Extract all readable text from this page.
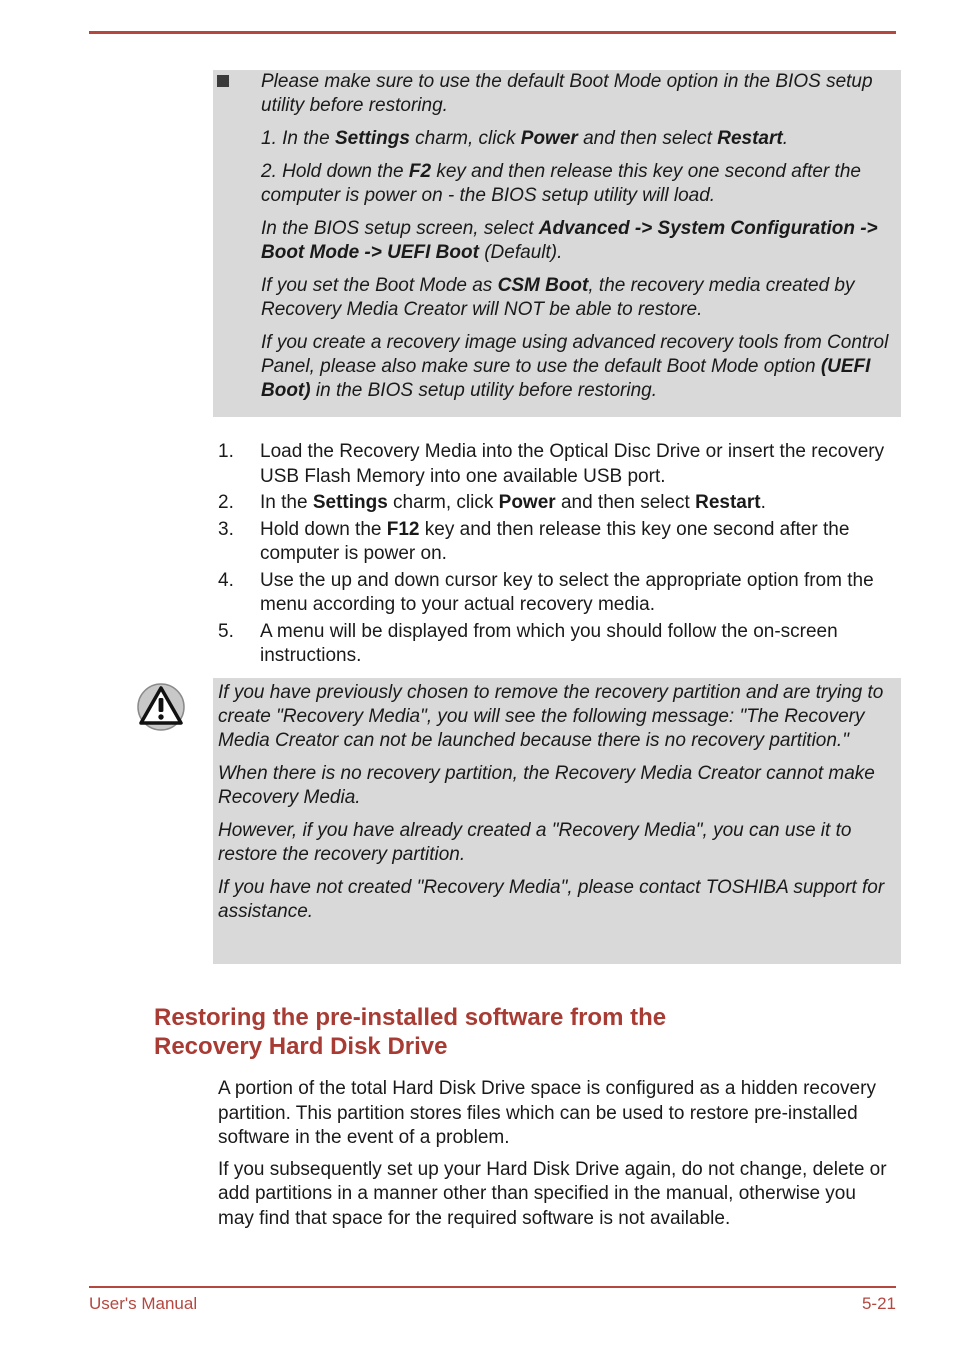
Please make sure to use the default Boot Mode option in the BIOS setup utility before restoring.

1. In the Settings charm, click Power and then select Restart.

2. Hold down the F2 key and then release this key one second after the computer is power on - the BIOS setup utility will load.

In the BIOS setup screen, select Advanced -> System Configuration -> Boot Mode -> UEFI Boot (Default).

If you set the Boot Mode as CSM Boot, the recovery media created by Recovery Media Creator will NOT be able to restore.

If you create a recovery image using advanced recovery tools from Control Panel, please also make sure to use the default Boot Mode option (UEFI Boot) in the BIOS setup utility before restoring.

1. Load the Recovery Media into the Optical Disc Drive or insert the recovery USB Flash Memory into one available USB port.
2. In the Settings charm, click Power and then select Restart.
3. Hold down the F12 key and then release this key one second after the computer is power on.
4. Use the up and down cursor key to select the appropriate option from the menu according to your actual recovery media.
5. A menu will be displayed from which you should follow the on-screen instructions.

If you have previously chosen to remove the recovery partition and are trying to create "Recovery Media", you will see the following message: "The Recovery Media Creator can not be launched because there is no recovery partition."

When there is no recovery partition, the Recovery Media Creator cannot make Recovery Media.

However, if you have already created a "Recovery Media", you can use it to restore the recovery partition.

If you have not created "Recovery Media", please contact TOSHIBA support for assistance.

Restoring the pre-installed software from the
Recovery Hard Disk Drive

A portion of the total Hard Disk Drive space is configured as a hidden recovery partition. This partition stores files which can be used to restore pre-installed software in the event of a problem.

If you subsequently set up your Hard Disk Drive again, do not change, delete or add partitions in a manner other than specified in the manual, otherwise you may find that space for the required software is not available.

User's Manual	5-21
